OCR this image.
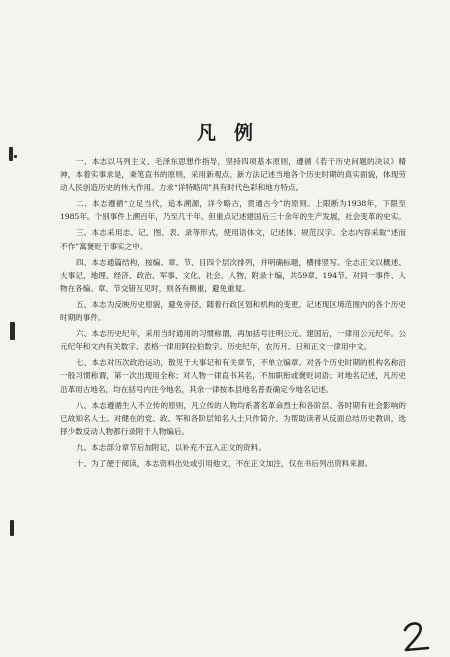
凡例

一、本志以马列主义、毛泽东思想作指导，坚持四项基本原则，遵循《若干历史问题的决议》精神，本着实事求是，秉笔直书的原则，采用新观点、新方法记述当地各个历史时期的真实面貌，体现劳动人民创造历史的伟大作用。力求“详特略同”具有时代色彩和地方特点。

二、本志遵循“立足当代，追本溯源，详今略古，贯通古今”的原则。上限断为1938年，下限至1985年。个别事件上溯百年，乃至几千年。但重点记述建国后三十余年的生产发展，社会变革的史实。

三、本志采用志、记、图、表、录等形式，使用语体文，记述体、规范汉字。全志内容采取“述而不作”寓褒贬于事实之中。

四、本志通篇结构，按编、章、节、目四个层次排列，并明确标题，横排竖写。全志正文以概述、大事记、地理、经济、政治、军事、文化、社会、人物、附录十编，共59章、194节。对同一事件、人物在各编、章、节交错互见时，则各有侧重，避免重复。

五、本志为反映历史原貌，避免旁径，随着行政区划和机构的变更，记述现区境范围内的各个历史时期的事件。

六、本志历史纪年，采用当时通用的习惯称谓，再加括号注明公元。建国后，一律用公元纪年。公元纪年和文内有关数字、表格一律用阿拉伯数字。历史纪年，农历月、日和正文一律用中文。

七、本志对历次政治运动，散见于大事记和有关章节，不单立编章。对各个历史时期的机构名称沿一般习惯称谓，第一次出现用全称；对人物一律直书其名，不加职衔或褒贬词语；对地名记述，凡历史沿革用古地名，均在括号内注今地名，其余一律按本县地名普查确定今地名记述。

八、本志遵循生人不立传的原则，凡立传的人物均系著名革命烈士和各阶层、各时期有社会影响的已故知名人士。对健在的党、政、军和各阶层知名人士只作简介。为帮助读者从反面总结历史教训，选择少数反动人物都行录附于人物编后。

九、本志部分章节后加附记，以补充不宜入正文的资料。

十、为了便于阅读，本志资料出处或引用他文，不在正文加注，仅在书后列出资料来源。
